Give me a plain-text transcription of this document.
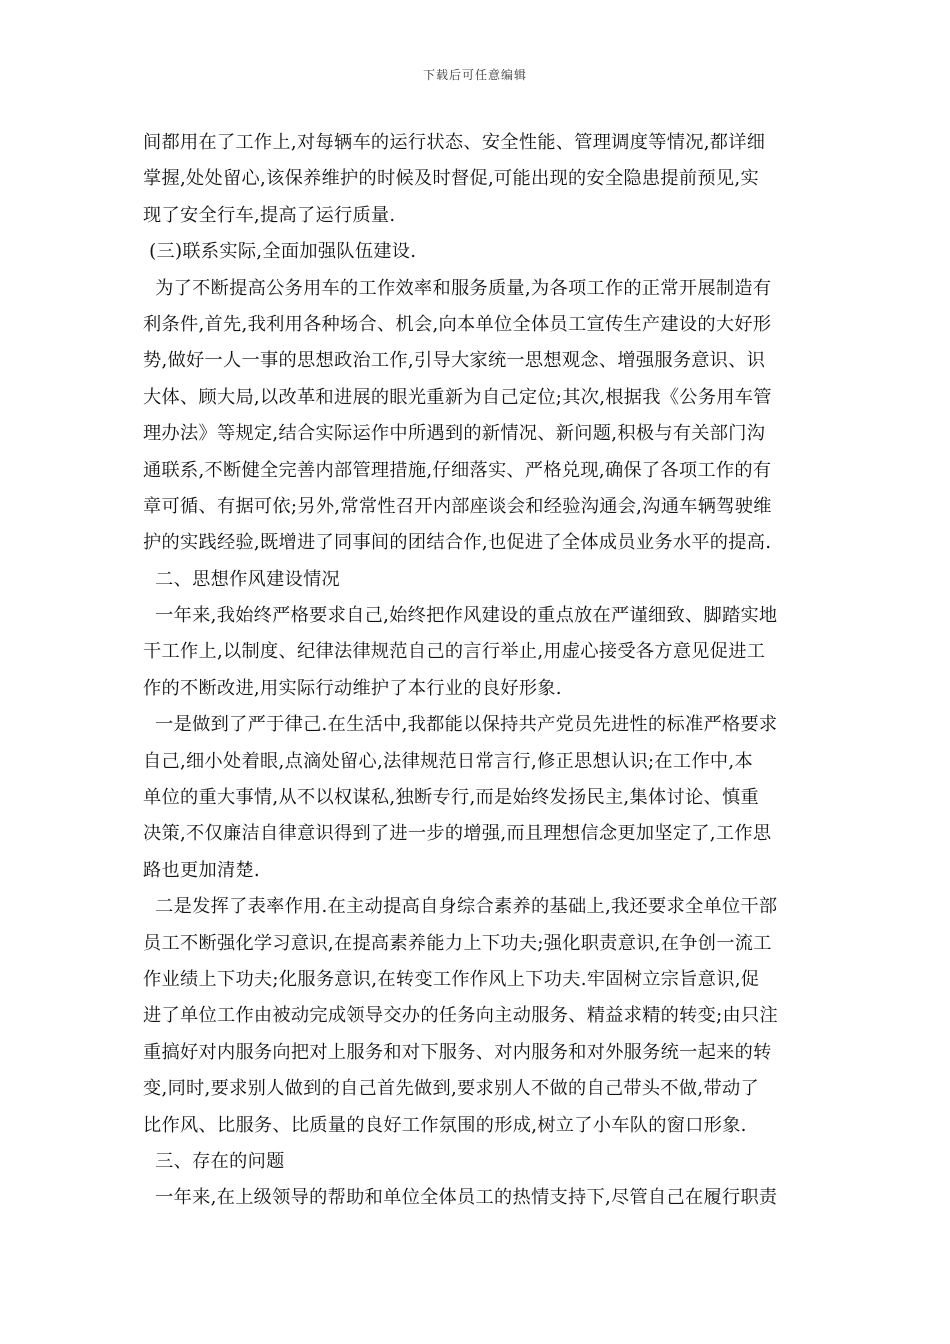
下载后可任意编辑
间都用在了工作上,对每辆车的运行状态、安全性能、管理调度等情况,都详细
掌握,处处留心,该保养维护的时候及时督促,可能出现的安全隐患提前预见,实
现了安全行车,提高了运行质量.
(三)联系实际,全面加强队伍建设.
为了不断提高公务用车的工作效率和服务质量,为各项工作的正常开展制造有
利条件,首先,我利用各种场合、机会,向本单位全体员工宣传生产建设的大好形
势,做好一人一事的思想政治工作,引导大家统一思想观念、增强服务意识、识
大体、顾大局,以改革和进展的眼光重新为自己定位;其次,根据我《公务用车管
理办法》等规定,结合实际运作中所遇到的新情况、新问题,积极与有关部门沟
通联系,不断健全完善内部管理措施,仔细落实、严格兑现,确保了各项工作的有
章可循、有据可依;另外,常常性召开内部座谈会和经验沟通会,沟通车辆驾驶维
护的实践经验,既增进了同事间的团结合作,也促进了全体成员业务水平的提高.
二、思想作风建设情况
一年来,我始终严格要求自己,始终把作风建设的重点放在严谨细致、脚踏实地
干工作上,以制度、纪律法律规范自己的言行举止,用虚心接受各方意见促进工
作的不断改进,用实际行动维护了本行业的良好形象.
一是做到了严于律己.在生活中,我都能以保持共产党员先进性的标准严格要求
自己,细小处着眼,点滴处留心,法律规范日常言行,修正思想认识;在工作中,本
单位的重大事情,从不以权谋私,独断专行,而是始终发扬民主,集体讨论、慎重
决策,不仅廉洁自律意识得到了进一步的增强,而且理想信念更加坚定了,工作思
路也更加清楚.
二是发挥了表率作用.在主动提高自身综合素养的基础上,我还要求全单位干部
员工不断强化学习意识,在提高素养能力上下功夫;强化职责意识,在争创一流工
作业绩上下功夫;化服务意识,在转变工作作风上下功夫.牢固树立宗旨意识,促
进了单位工作由被动完成领导交办的任务向主动服务、精益求精的转变;由只注
重搞好对内服务向把对上服务和对下服务、对内服务和对外服务统一起来的转
变,同时,要求别人做到的自己首先做到,要求别人不做的自己带头不做,带动了
比作风、比服务、比质量的良好工作氛围的形成,树立了小车队的窗口形象.
三、存在的问题
一年来,在上级领导的帮助和单位全体员工的热情支持下,尽管自己在履行职责
